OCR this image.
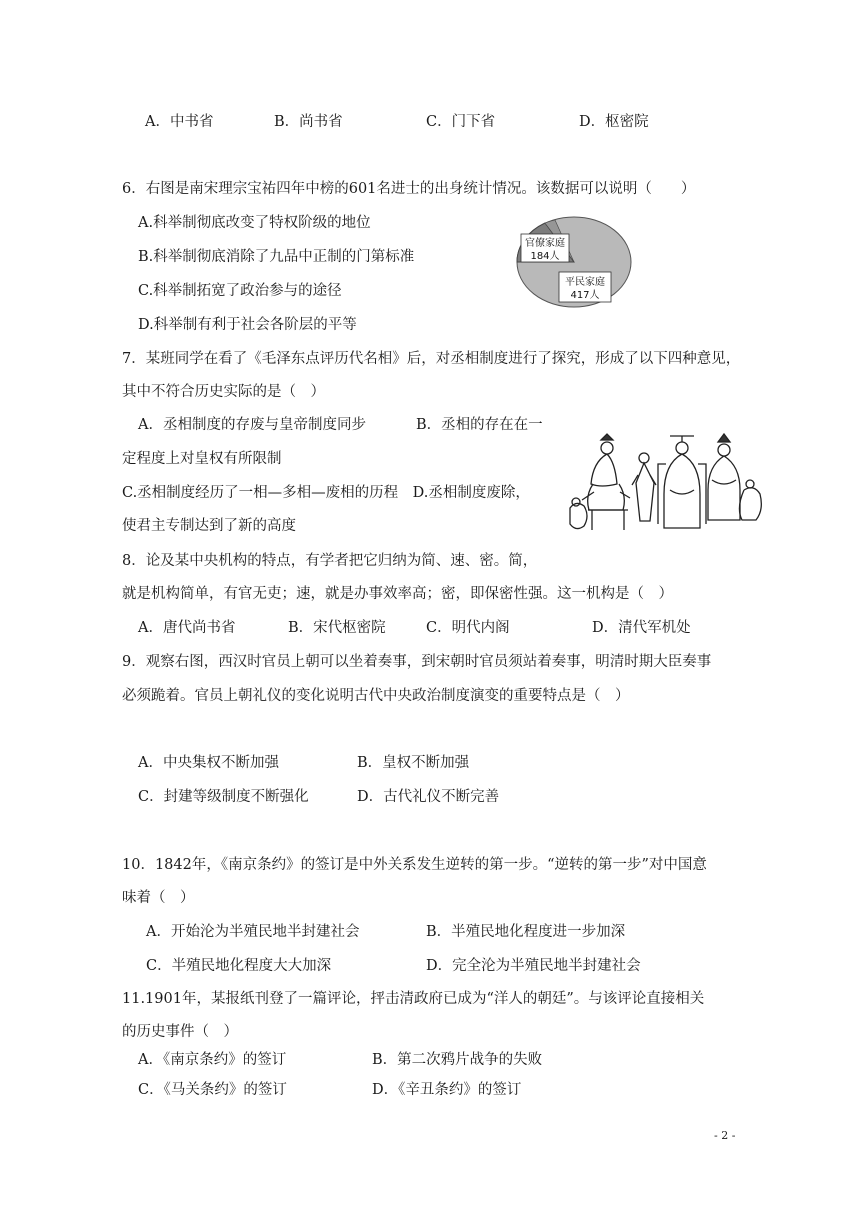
A．中书省	B．尚书省	C．门下省	D．枢密院
6．右图是南宋理宗宝祐四年中榜的601名进士的出身统计情况。该数据可以说明（　　）
A.科举制彻底改变了特权阶级的地位
B.科举制彻底消除了九品中正制的门第标准
C.科举制拓宽了政治参与的途径
D.科举制有利于社会各阶层的平等
官僚家庭
184人
平民家庭
417人
7．某班同学在看了《毛泽东点评历代名相》后，对丞相制度进行了探究，形成了以下四种意见，
其中不符合历史实际的是（　）
A．丞相制度的存废与皇帝制度同步	B．丞相的存在在一
定程度上对皇权有所限制
C.丞相制度经历了一相—多相—废相的历程　D.丞相制度废除，
使君主专制达到了新的高度
8．论及某中央机构的特点，有学者把它归纳为简、速、密。简，
就是机构简单，有官无吏；速，就是办事效率高；密，即保密性强。这一机构是（　）
A．唐代尚书省	B．宋代枢密院	C．明代内阁	D．清代军机处
9．观察右图，西汉时官员上朝可以坐着奏事，到宋朝时官员须站着奏事，明清时期大臣奏事
必须跪着。官员上朝礼仪的变化说明古代中央政治制度演变的重要特点是（　）
A．中央集权不断加强	B．皇权不断加强
C．封建等级制度不断强化	D．古代礼仪不断完善
10．1842年，《南京条约》的签订是中外关系发生逆转的第一步。“逆转的第一步”对中国意
味着（　）
A．开始沦为半殖民地半封建社会	B．半殖民地化程度进一步加深
C．半殖民地化程度大大加深	D．完全沦为半殖民地半封建社会
11.1901年，某报纸刊登了一篇评论，抨击清政府已成为“洋人的朝廷”。与该评论直接相关
的历史事件（　）
A．《南京条约》的签订	B．第二次鸦片战争的失败
C．《马关条约》的签订	D．《辛丑条约》的签订
- 2 -
